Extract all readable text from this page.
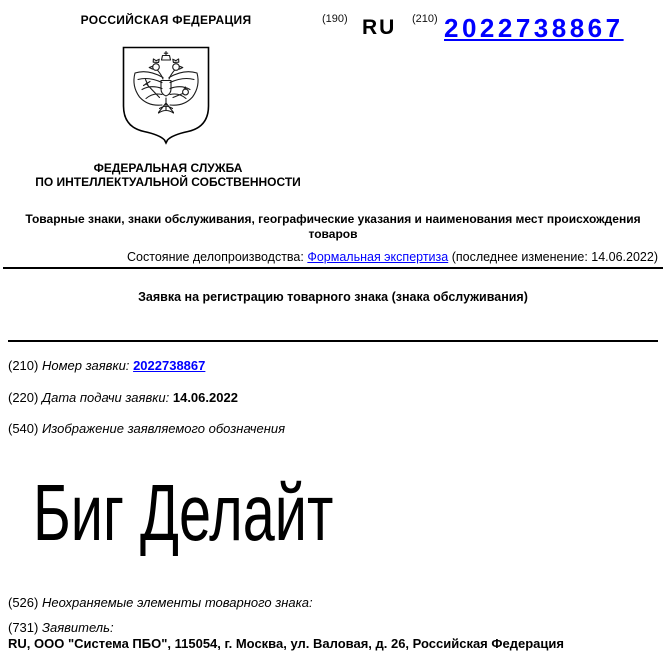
РОССИЙСКАЯ ФЕДЕРАЦИЯ
ФЕДЕРАЛЬНАЯ СЛУЖБА
ПО ИНТЕЛЛЕКТУАЛЬНОЙ СОБСТВЕННОСТИ
(190) RU (210) 2022738867
Товарные знаки, знаки обслуживания, географические указания и наименования мест происхождения товаров
Состояние делопроизводства: Формальная экспертиза (последнее изменение: 14.06.2022)
Заявка на регистрацию товарного знака (знака обслуживания)
(210) Номер заявки: 2022738867
(220) Дата подачи заявки: 14.06.2022
(540) Изображение заявляемого обозначения
Биг Делайт
(526) Неохраняемые элементы товарного знака:
(731) Заявитель:
RU, ООО "Система ПБО", 115054, г. Москва, ул. Валовая, д. 26, Российская Федерация
